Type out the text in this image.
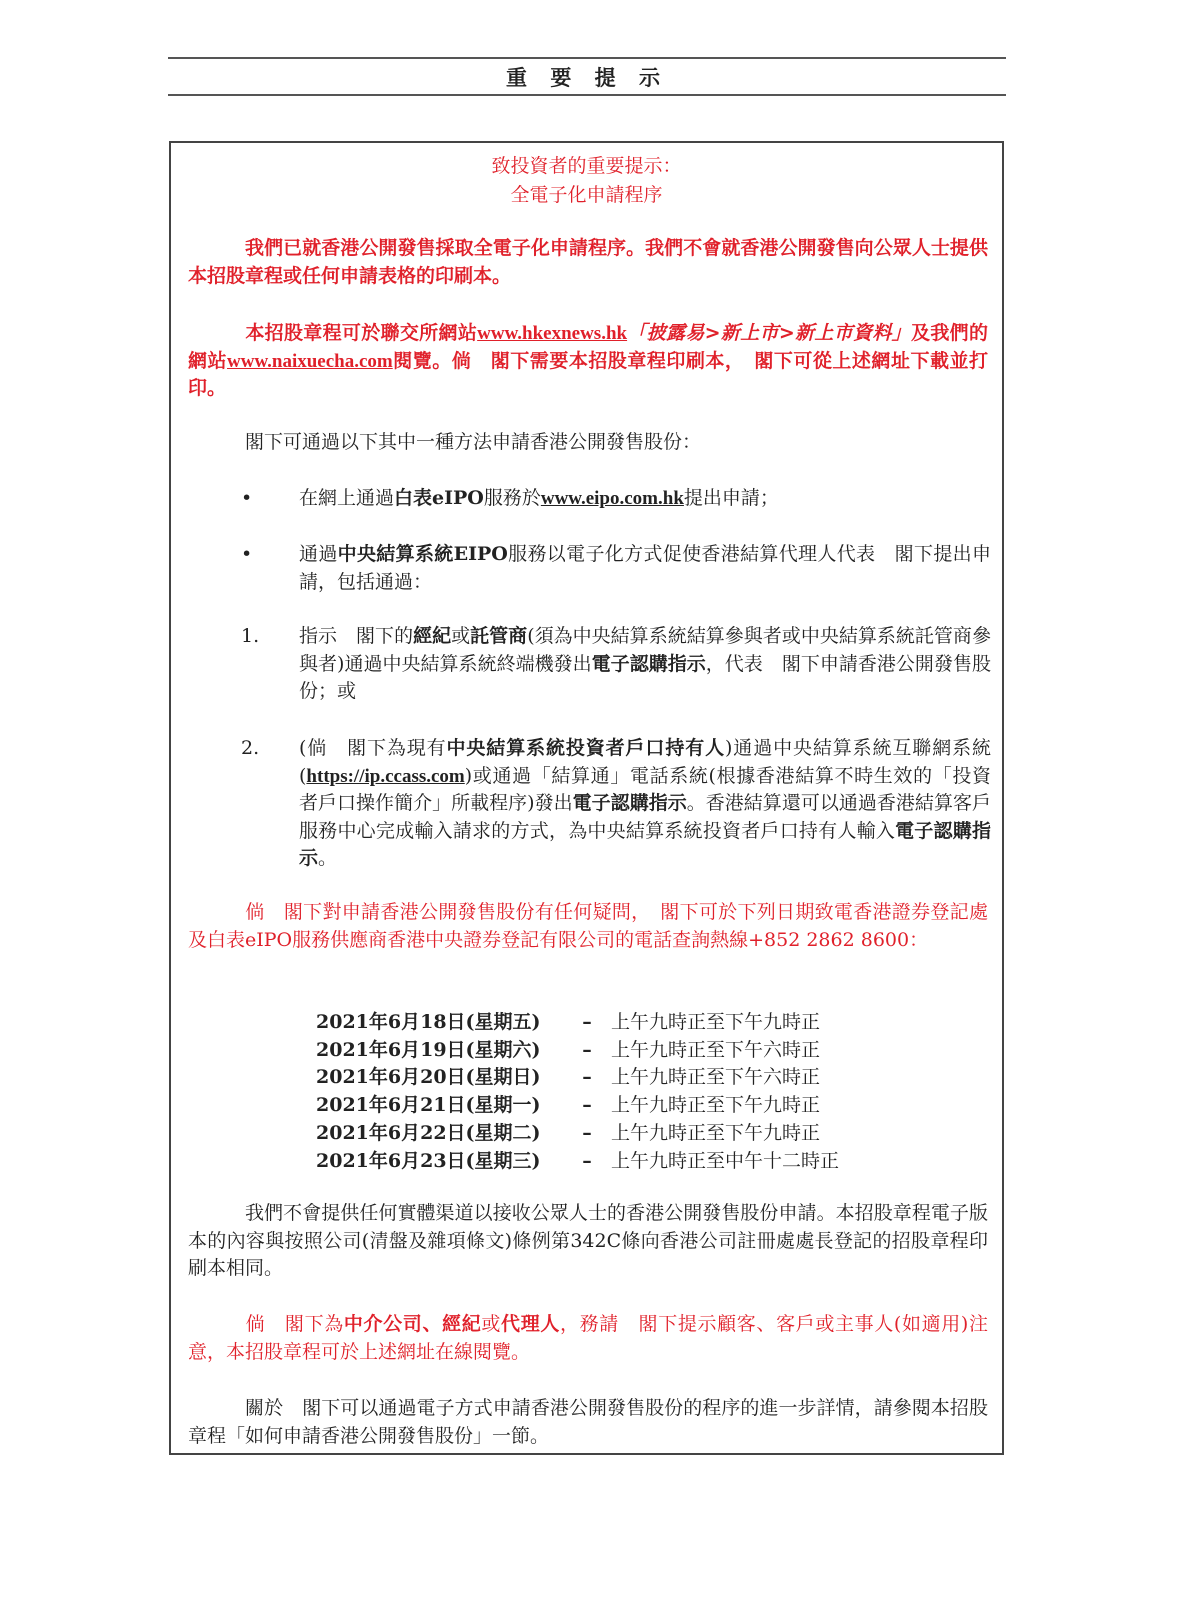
重 要 提 示
致投資者的重要提示：
全電子化申請程序
我們已就香港公開發售採取全電子化申請程序。我們不會就香港公開發售向公眾人士提供本招股章程或任何申請表格的印刷本。
本招股章程可於聯交所網站www.hkexnews.hk「披露易>新上市>新上市資料」及我們的網站www.naixuecha.com閱覽。倘　閣下需要本招股章程印刷本，　閣下可從上述網址下載並打印。
閣下可通過以下其中一種方法申請香港公開發售股份：
•	在網上通過白表eIPO服務於www.eipo.com.hk提出申請；
•	通過中央結算系統EIPO服務以電子化方式促使香港結算代理人代表　閣下提出申請，包括通過：
1.	指示　閣下的經紀或託管商(須為中央結算系統結算參與者或中央結算系統託管商參與者)通過中央結算系統終端機發出電子認購指示，代表　閣下申請香港公開發售股份；或
2.	(倘　閣下為現有中央結算系統投資者戶口持有人)通過中央結算系統互聯網系統(https://ip.ccass.com)或通過「結算通」電話系統(根據香港結算不時生效的「投資者戶口操作簡介」所載程序)發出電子認購指示。香港結算還可以通過香港結算客戶服務中心完成輸入請求的方式，為中央結算系統投資者戶口持有人輸入電子認購指示。
倘　閣下對申請香港公開發售股份有任何疑問，　閣下可於下列日期致電香港證券登記處及白表eIPO服務供應商香港中央證券登記有限公司的電話查詢熱線+852 2862 8600：
2021年6月18日(星期五)	–	上午九時正至下午九時正
2021年6月19日(星期六)	–	上午九時正至下午六時正
2021年6月20日(星期日)	–	上午九時正至下午六時正
2021年6月21日(星期一)	–	上午九時正至下午九時正
2021年6月22日(星期二)	–	上午九時正至下午九時正
2021年6月23日(星期三)	–	上午九時正至中午十二時正
我們不會提供任何實體渠道以接收公眾人士的香港公開發售股份申請。本招股章程電子版本的內容與按照公司(清盤及雜項條文)條例第342C條向香港公司註冊處處長登記的招股章程印刷本相同。
倘　閣下為中介公司、經紀或代理人，務請　閣下提示顧客、客戶或主事人(如適用)注意，本招股章程可於上述網址在線閱覽。
關於　閣下可以通過電子方式申請香港公開發售股份的程序的進一步詳情，請參閱本招股章程「如何申請香港公開發售股份」一節。
